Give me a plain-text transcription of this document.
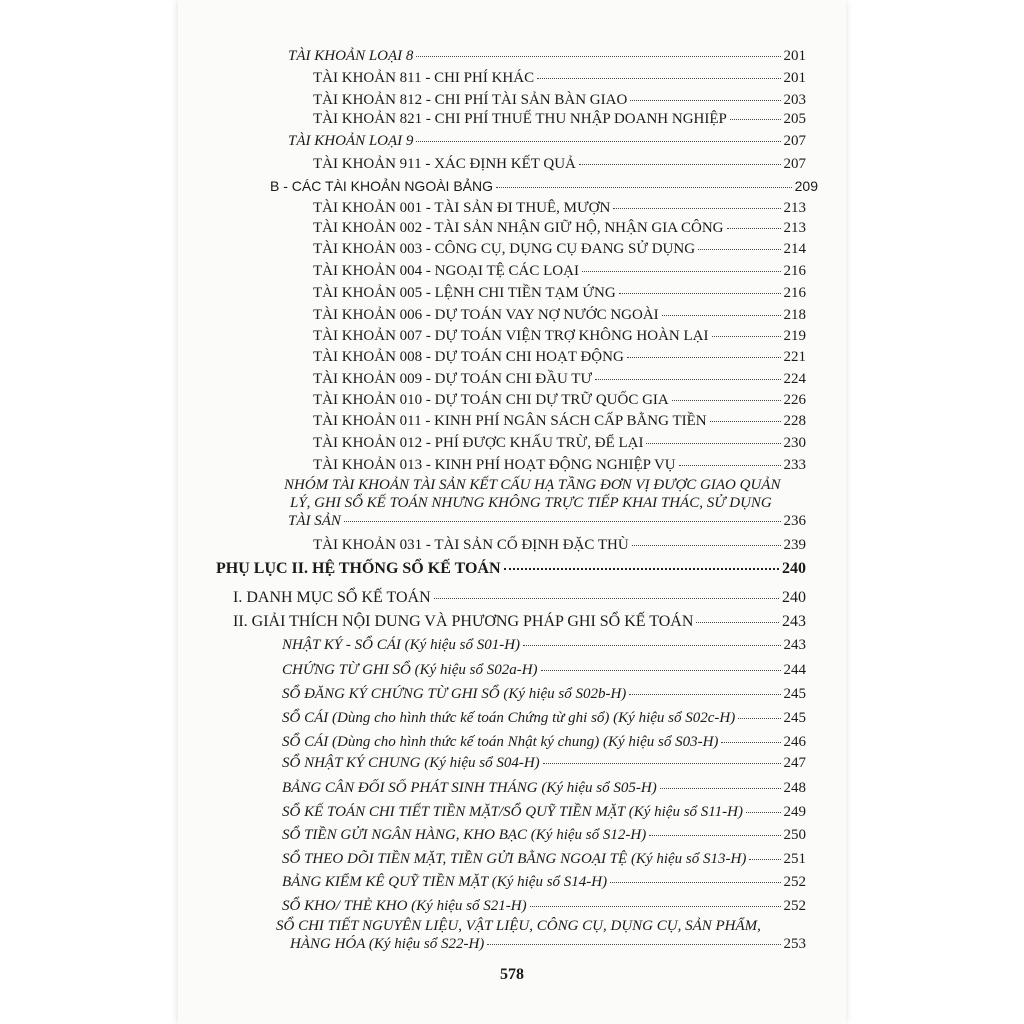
TÀI KHOẢN LOẠI 8	201
TÀI KHOẢN 811 - CHI PHÍ KHÁC	201
TÀI KHOẢN 812 - CHI PHÍ TÀI SẢN BÀN GIAO	203
TÀI KHOẢN 821 - CHI PHÍ THUẾ THU NHẬP DOANH NGHIỆP	205
TÀI KHOẢN LOẠI 9	207
TÀI KHOẢN 911 - XÁC ĐỊNH KẾT QUẢ	207
B - CÁC TÀI KHOẢN NGOÀI BẢNG	209
TÀI KHOẢN 001 - TÀI SẢN ĐI THUÊ, MƯỢN	213
TÀI KHOẢN 002 - TÀI SẢN NHẬN GIỮ HỘ, NHẬN GIA CÔNG	213
TÀI KHOẢN 003 - CÔNG CỤ, DỤNG CỤ ĐANG SỬ DỤNG	214
TÀI KHOẢN 004 - NGOẠI TỆ CÁC LOẠI	216
TÀI KHOẢN 005 - LỆNH CHI TIỀN TẠM ỨNG	216
TÀI KHOẢN 006 - DỰ TOÁN VAY NỢ NƯỚC NGOÀI	218
TÀI KHOẢN 007 - DỰ TOÁN VIỆN TRỢ KHÔNG HOÀN LẠI	219
TÀI KHOẢN 008 - DỰ TOÁN CHI HOẠT ĐỘNG	221
TÀI KHOẢN 009 - DỰ TOÁN CHI ĐẦU TƯ	224
TÀI KHOẢN 010 - DỰ TOÁN CHI DỰ TRỮ QUỐC GIA	226
TÀI KHOẢN 011 - KINH PHÍ NGÂN SÁCH CẤP BẰNG TIỀN	228
TÀI KHOẢN 012 - PHÍ ĐƯỢC KHẤU TRỪ, ĐỂ LẠI	230
TÀI KHOẢN 013 - KINH PHÍ HOẠT ĐỘNG NGHIỆP VỤ	233
NHÓM TÀI KHOẢN TÀI SẢN KẾT CẤU HẠ TẦNG ĐƠN VỊ ĐƯỢC GIAO QUẢN
LÝ, GHI SỔ KẾ TOÁN NHƯNG KHÔNG TRỰC TIẾP KHAI THÁC, SỬ DỤNG
TÀI SẢN	236
TÀI KHOẢN 031 - TÀI SẢN CỐ ĐỊNH ĐẶC THÙ	239
PHỤ LỤC II. HỆ THỐNG SỔ KẾ TOÁN	240
I. DANH MỤC SỔ KẾ TOÁN	240
II. GIẢI THÍCH NỘI DUNG VÀ PHƯƠNG PHÁP GHI SỔ KẾ TOÁN	243
NHẬT KÝ - SỔ CÁI (Ký hiệu sổ S01-H)	243
CHỨNG TỪ GHI SỔ (Ký hiệu sổ S02a-H)	244
SỔ ĐĂNG KÝ CHỨNG TỪ GHI SỔ (Ký hiệu sổ S02b-H)	245
SỔ CÁI (Dùng cho hình thức kế toán Chứng từ ghi sổ) (Ký hiệu sổ S02c-H)	245
SỔ CÁI (Dùng cho hình thức kế toán Nhật ký chung) (Ký hiệu sổ S03-H)	246
SỔ NHẬT KÝ CHUNG (Ký hiệu sổ S04-H)	247
BẢNG CÂN ĐỐI SỐ PHÁT SINH THÁNG (Ký hiệu sổ S05-H)	248
SỔ KẾ TOÁN CHI TIẾT TIỀN MẶT/SỔ QUỸ TIỀN MẶT (Ký hiệu sổ S11-H)	249
SỔ TIỀN GỬI NGÂN HÀNG, KHO BẠC (Ký hiệu sổ S12-H)	250
SỔ THEO DÕI TIỀN MẶT, TIỀN GỬI BẰNG NGOẠI TỆ (Ký hiệu sổ S13-H) 251
BẢNG KIỂM KÊ QUỸ TIỀN MẶT (Ký hiệu sổ S14-H)	252
SỔ KHO/ THẺ KHO (Ký hiệu sổ S21-H)	252
SỔ CHI TIẾT NGUYÊN LIỆU, VẬT LIỆU, CÔNG CỤ, DỤNG CỤ, SẢN PHẨM,
HÀNG HÓA (Ký hiệu sổ S22-H)	253
578
